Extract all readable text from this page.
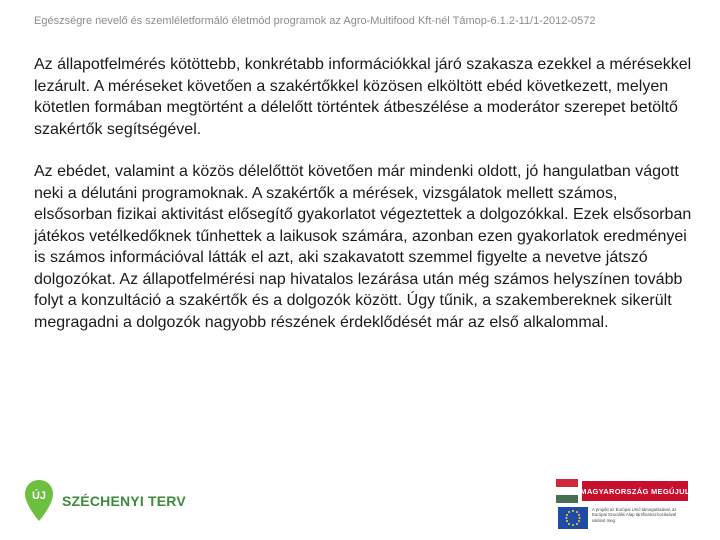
Egészségre nevelő és szemléletformáló életmód programok az Agro-Multifood Kft-nél Támop-6.1.2-11/1-2012-0572

Az állapotfelmérés kötöttebb, konkrétabb információkkal járó szakasza ezekkel a mérésekkel lezárult. A méréseket követően a szakértőkkel közösen elköltött ebéd következett, melyen kötetlen formában megtörtént a délelőtt történtek átbeszélése a moderátor szerepet betöltő szakértők segítségével.

Az ebédet, valamint a közös délelőttöt követően már mindenki oldott, jó hangulatban vágott neki a délutáni programoknak. A szakértők a mérések, vizsgálatok mellett számos, elsősorban fizikai aktivitást elősegítő gyakorlatot végeztettek a dolgozókkal. Ezek elsősorban játékos vetélkedőknek tűnhettek a laikusok számára, azonban ezen gyakorlatok eredményei is számos információval látták el azt, aki szakavatott szemmel figyelte a nevetve játszó dolgozókat. Az állapotfelmérési nap hivatalos lezárása után még számos helyszínen tovább folyt a konzultáció a szakértők és a dolgozók között. Úgy tűnik, a szakembereknek sikerült megragadni a dolgozók nagyobb részének érdeklődését már az első alkalommal.

ÚJ SZÉCHENYI TERV
MAGYARORSZÁG MEGÚJUL
A projekt az Európai Unió támogatásával, az Európai Szociális Alap társfinanszírozásával valósul meg.
